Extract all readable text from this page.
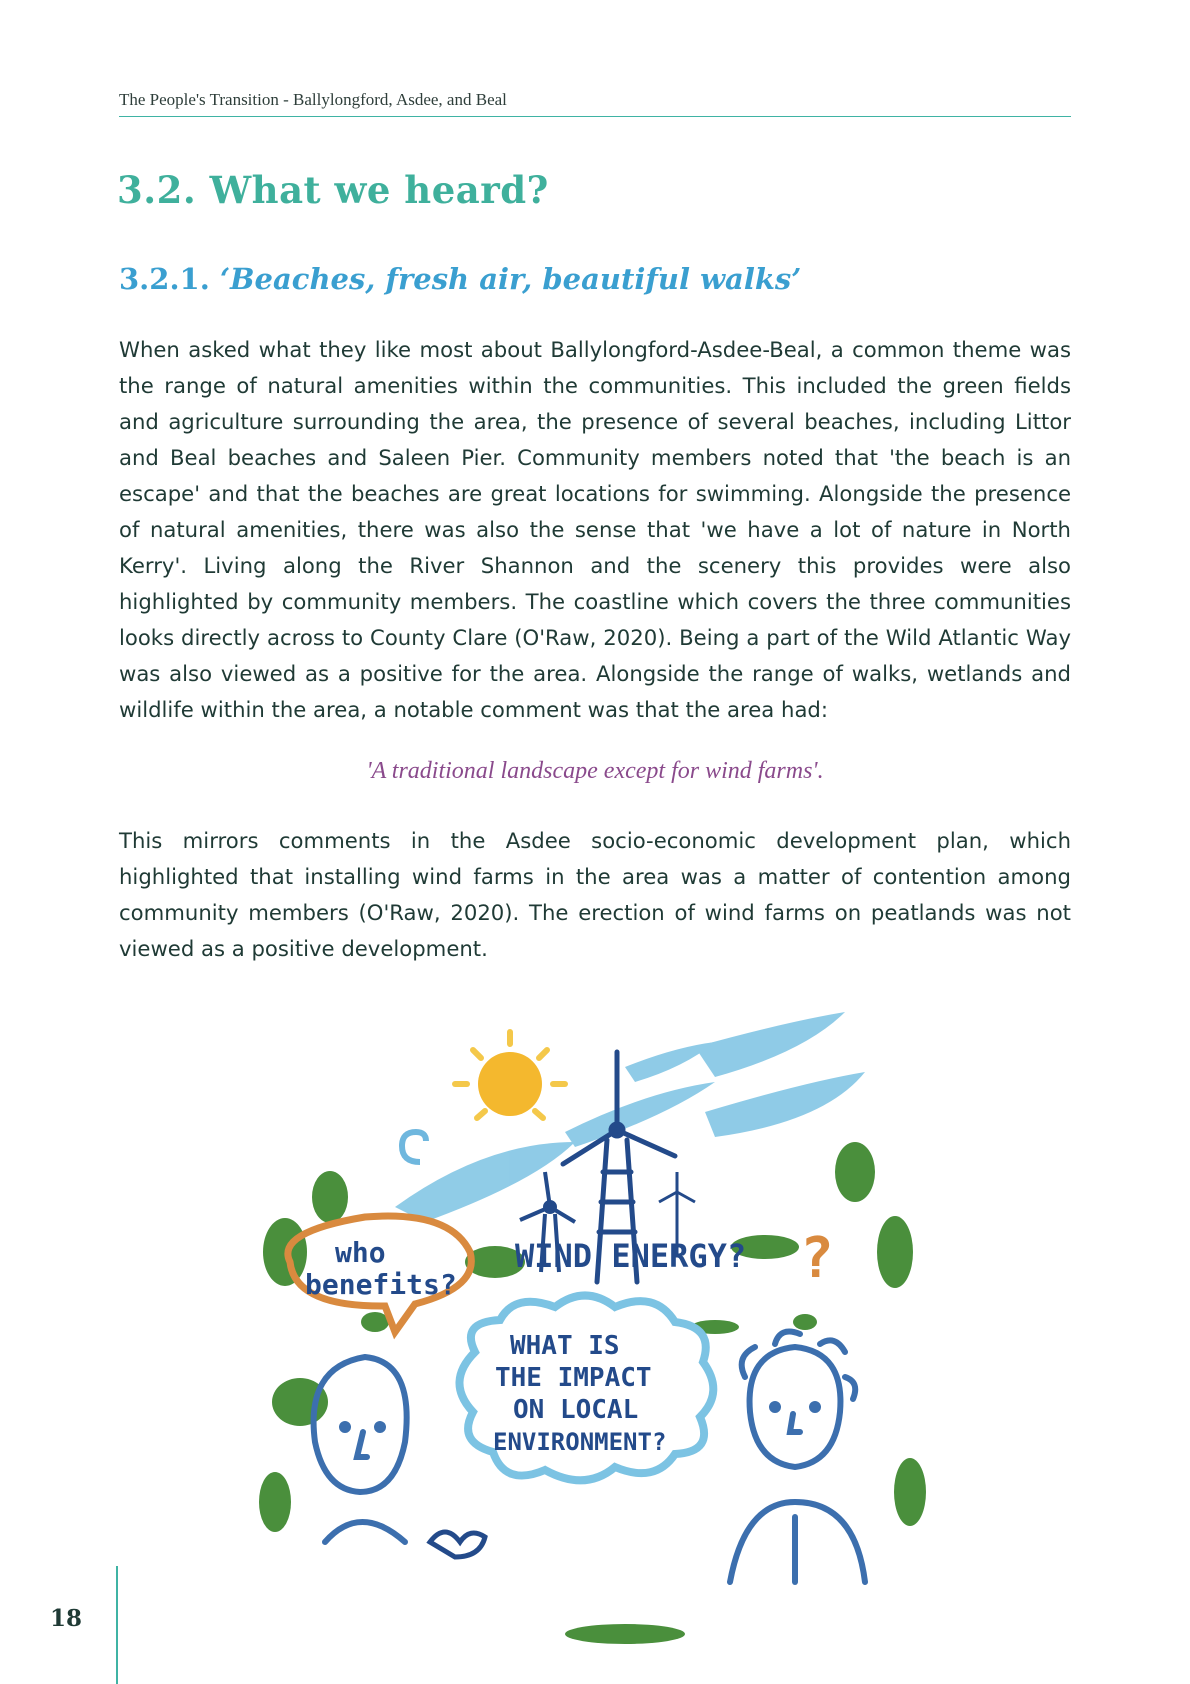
The People's Transition - Ballylongford, Asdee, and Beal
3.2. What we heard?
3.2.1. ‘Beaches, fresh air, beautiful walks’

When asked what they like most about Ballylongford-Asdee-Beal, a common theme was the range of natural amenities within the communities. This included the green fields and agriculture surrounding the area, the presence of several beaches, including Littor and Beal beaches and Saleen Pier. Community members noted that 'the beach is an escape' and that the beaches are great locations for swimming. Alongside the presence of natural amenities, there was also the sense that 'we have a lot of nature in North Kerry'. Living along the River Shannon and the scenery this provides were also highlighted by community members. The coastline which covers the three communities looks directly across to County Clare (O'Raw, 2020). Being a part of the Wild Atlantic Way was also viewed as a positive for the area. Alongside the range of walks, wetlands and wildlife within the area, a notable comment was that the area had:

'A traditional landscape except for wind farms'.

This mirrors comments in the Asdee socio-economic development plan, which highlighted that installing wind farms in the area was a matter of contention among community members (O'Raw, 2020). The erection of wind farms on peatlands was not viewed as a positive development.

who
benefits?
WIND ENERGY? ?
WHAT IS
THE IMPACT
ON LOCAL
ENVIRONMENT?
18
